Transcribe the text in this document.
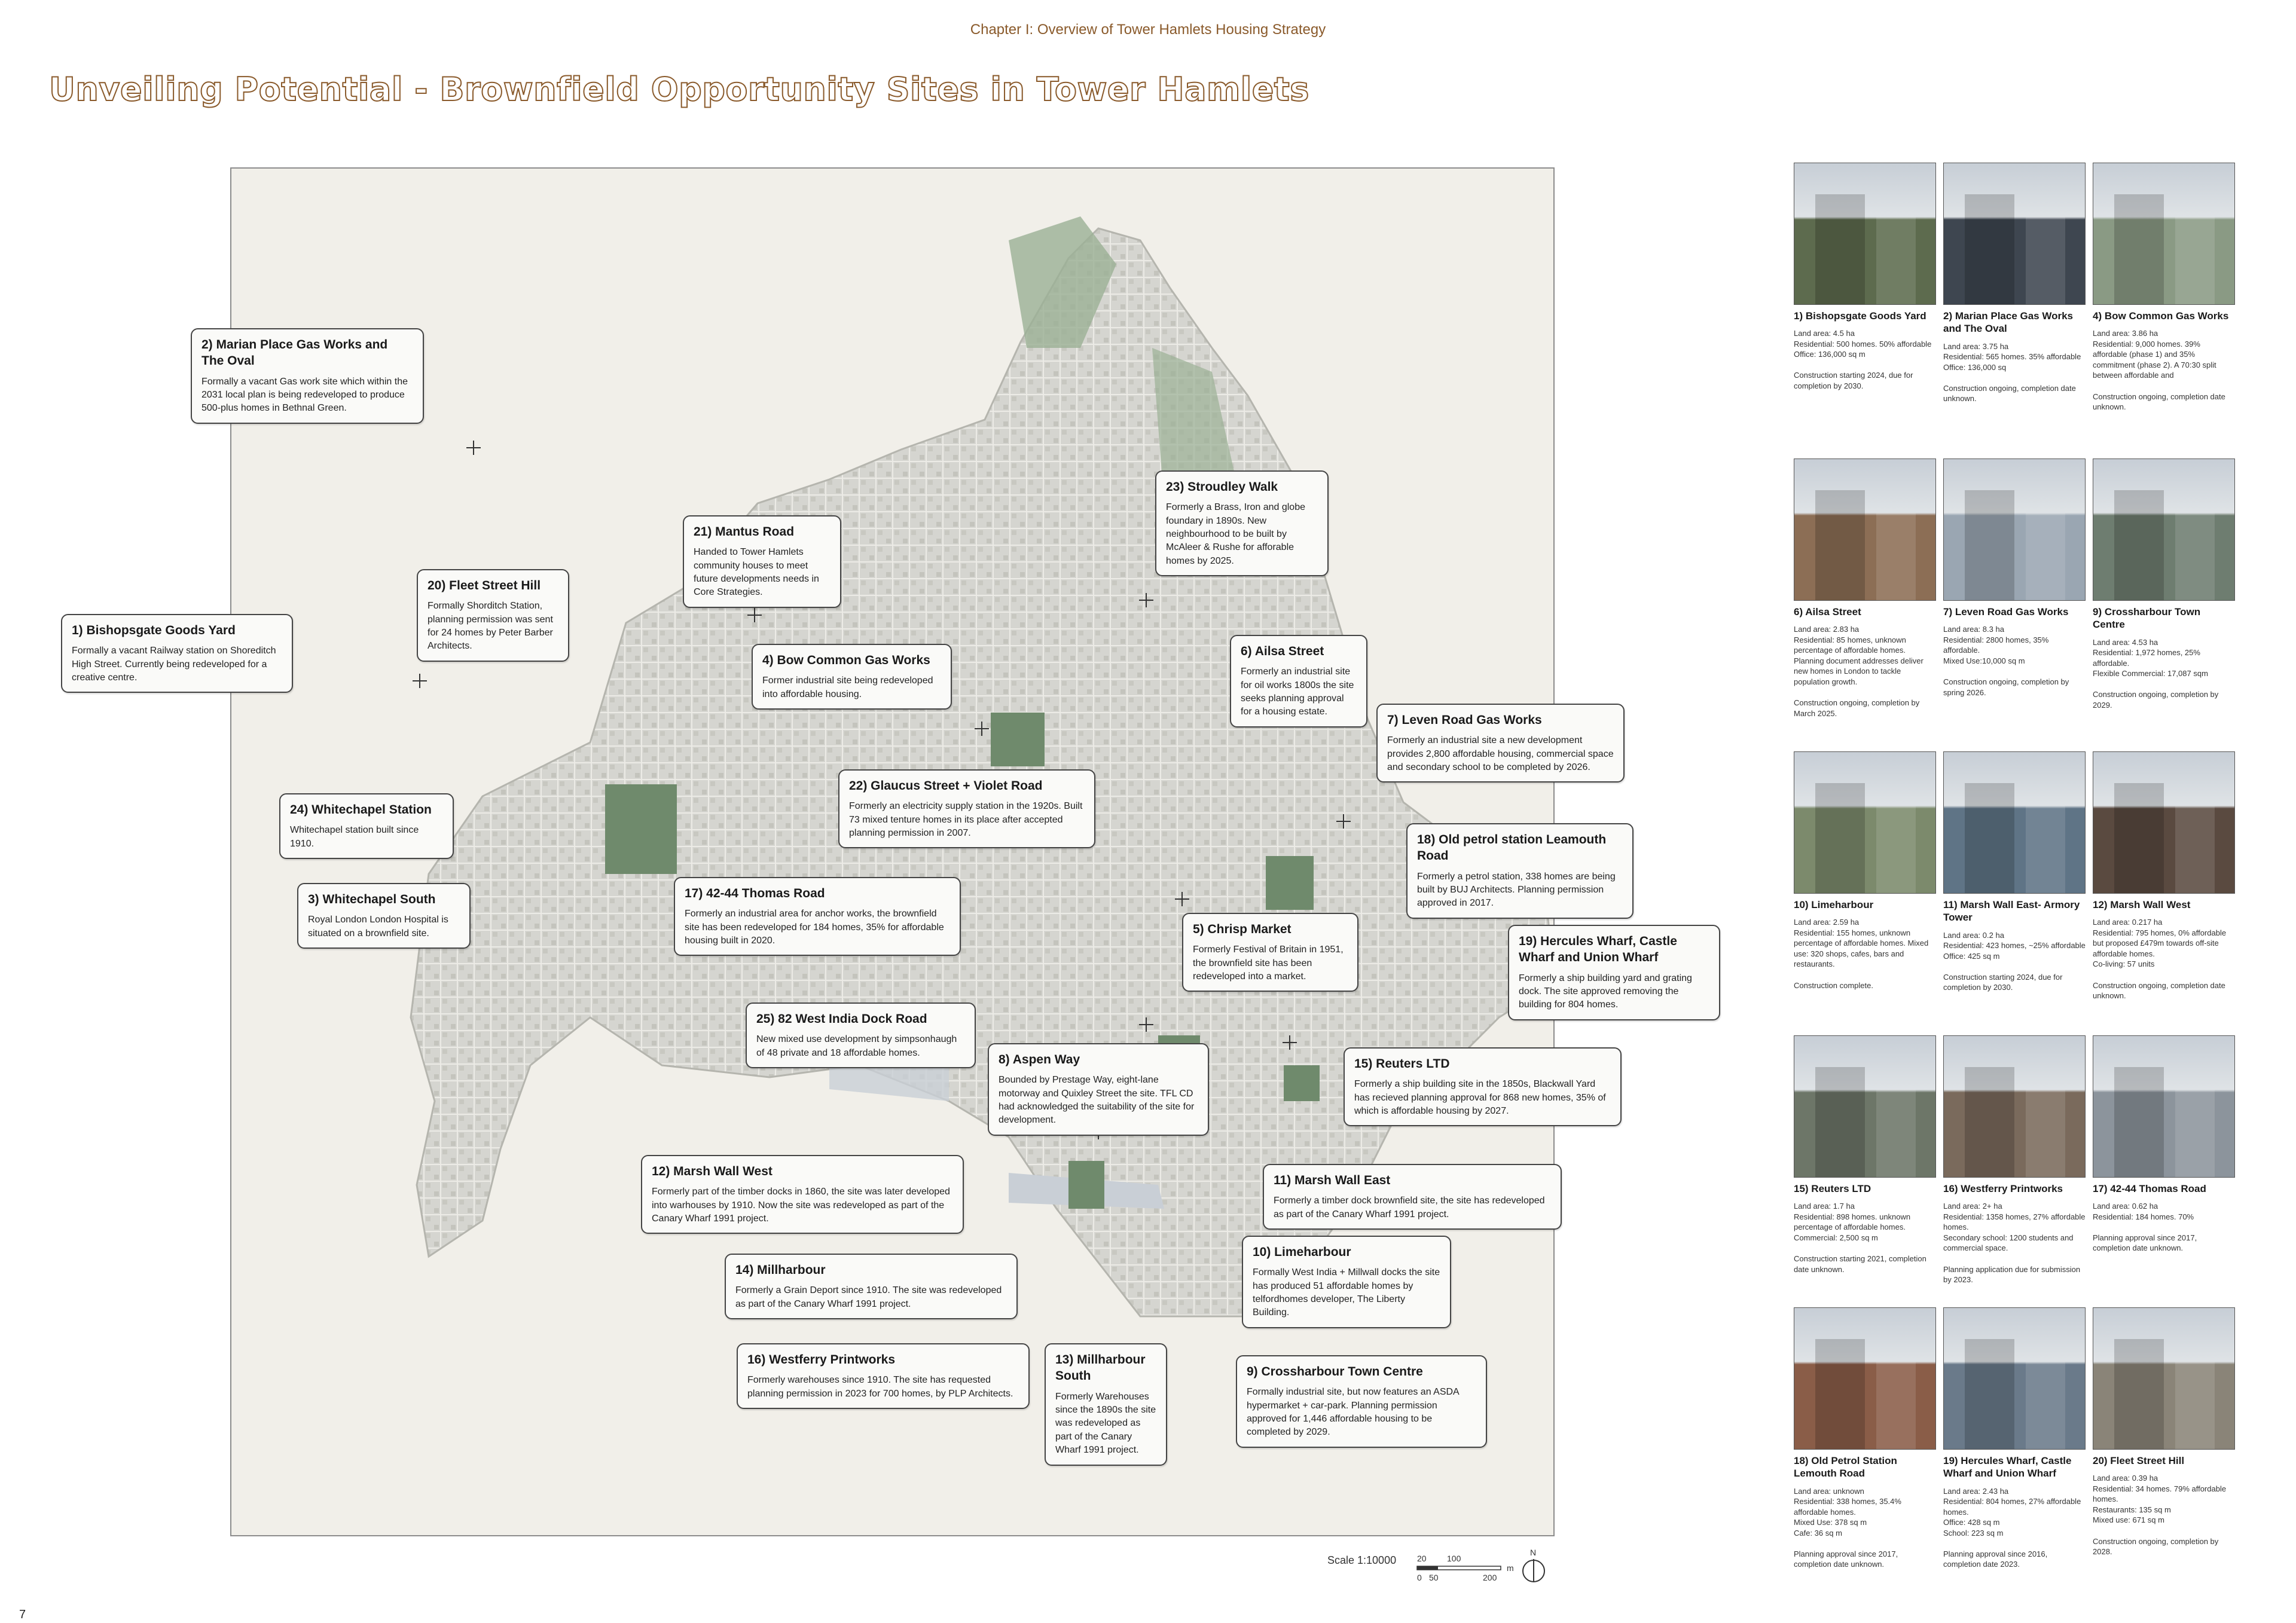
Chapter I: Overview of Tower Hamlets Housing Strategy
Unveiling Potential - Brownfield Opportunity Sites in Tower Hamlets
2) Marian Place Gas Works and The Oval

Formally a vacant Gas work site which within the 2031 local plan is being redeveloped to produce 500-plus homes in Bethnal Green.

1) Bishopsgate Goods Yard

Formally a vacant Railway station on Shoreditch High Street. Currently being redeveloped for a creative centre.

20) Fleet Street Hill

Formally Shorditch Station, planning permission was sent for 24 homes by Peter Barber Architects.

21) Mantus Road

Handed to Tower Hamlets community houses to meet future developments needs in Core Strategies.

23) Stroudley Walk

Formerly a Brass, Iron and globe foundary in 1890s. New neighbourhood to be built by McAleer & Rushe for afforable homes by 2025.

4) Bow Common Gas Works

Former industrial site being redeveloped into affordable housing.

6) Ailsa Street

Formerly an industrial site for oil works 1800s the site seeks planning approval for a housing estate.

7) Leven Road Gas Works

Formerly an industrial site a new development provides 2,800 affordable housing, commercial space and secondary school to be completed by 2026.

22) Glaucus Street + Violet Road

Formerly an electricity supply station in the 1920s. Built 73 mixed tenture homes in its place after accepted planning permission in 2007.

24) Whitechapel Station

Whitechapel station built since 1910.	18) Old petrol station Leamouth Road

Formerly a petrol station, 338 homes are being built by BUJ Architects. Planning permission approved in 2017.

3) Whitechapel South

Royal London London Hospital is situated on a brownfield site.

17) 42-44 Thomas Road

Formerly an industrial area for anchor works, the brownfield site has been redeveloped for 184 homes, 35% for affordable housing built in 2020.

5) Chrisp Market

Formerly Festival of Britain in 1951, the brownfield site has been redeveloped into a market.

19) Hercules Wharf, Castle Wharf and Union Wharf

Formerly a ship building yard and grating dock. The site approved removing the building for 804 homes.

25) 82 West India Dock Road

New mixed use development by simpsonhaugh of 48 private and 18 affordable homes.	8) Aspen Way

Bounded by Prestage Way, eight-lane motorway and Quixley Street the site. TFL CD had acknowledged the suitability of the site for development.

15) Reuters LTD

Formerly a ship building site in the 1850s, Blackwall Yard has recieved planning approval for 868 new homes, 35% of which is affordable housing by 2027.

12) Marsh Wall West

Formerly part of the timber docks in 1860, the site was later developed into warhouses by 1910. Now the site was redeveloped as part of the Canary Wharf 1991 project.

11) Marsh Wall East

Formerly a timber dock brownfield site, the site has redeveloped as part of the Canary Wharf 1991 project.

14) Millharbour

Formerly a Grain Deport since 1910. The site was redeveloped as part of the Canary Wharf 1991 project.

10) Limeharbour

Formally West India + Millwall docks the site has produced 51 affordable homes by telfordhomes developer, The Liberty Building.

16) Westferry Printworks

Formerly warehouses since 1910. The site has requested planning permission in 2023 for 700 homes, by PLP Architects.

13) Millharbour South

Formerly Warehouses since the 1890s the site was redeveloped as part of the Canary Wharf 1991 project.

9) Crossharbour Town Centre

Formally industrial site, but now features an ASDA hypermarket + car-park. Planning permission approved for 1,446 affordable housing to be completed by 2029.

Scale 1:10000 20 100
0 50	200
m
N
1) Bishopsgate Goods Yard
Land area: 4.5 ha
Residential: 500 homes. 50% affordable
Office: 136,000 sq m

Construction starting 2024, due for completion by 2030.
2) Marian Place Gas Works and The Oval
Land area: 3.75 ha
Residential: 565 homes. 35% affordable
Office: 136,000 sq

Construction ongoing, completion date unknown.
4) Bow Common Gas Works
Land area: 3.86 ha
Residential: 9,000 homes. 39% affordable (phase 1) and 35% commitment (phase 2). A 70:30 split between affordable and

Construction ongoing, completion date unknown.
6) Ailsa Street
Land area: 2.83 ha
Residential: 85 homes, unknown percentage of affordable homes. Planning document addresses deliver new homes in London to tackle population growth.

Construction ongoing, completion by March 2025.
7) Leven Road Gas Works
Land area: 8.3 ha
Residential: 2800 homes, 35% affordable.
Mixed Use:10,000 sq m

Construction ongoing, completion by spring 2026.
9) Crossharbour Town Centre
Land area: 4.53 ha
Residential: 1,972 homes, 25% affordable.
Flexible Commercial: 17,087 sqm

Construction ongoing, completion by 2029.
10) Limeharbour
Land area: 2.59 ha
Residential: 155 homes, unknown percentage of affordable homes. Mixed use: 320 shops, cafes, bars and restaurants.

Construction complete.
11) Marsh Wall East- Armory Tower
Land area: 0.2 ha
Residential: 423 homes, ~25% affordable
Office: 425 sq m

Construction starting 2024, due for completion by 2030.
12) Marsh Wall West
Land area: 0.217 ha
Residential: 795 homes, 0% affordable but proposed £479m towards off-site affordable homes.
Co-living: 57 units

Construction ongoing, completion date unknown.
15) Reuters LTD
Land area: 1.7 ha
Residential: 898 homes. unknown percentage of affordable homes.
Commercial: 2,500 sq m

Construction starting 2021, completion date unknown.
16) Westferry Printworks
Land area: 2+ ha
Residential: 1358 homes, 27% affordable homes.
Secondary school: 1200 students and commercial space.

Planning application due for submission by 2023.
17) 42-44 Thomas Road
Land area: 0.62 ha
Residential: 184 homes. 70%

Planning approval since 2017, completion date unknown.
18) Old Petrol Station Lemouth Road
Land area: unknown
Residential: 338 homes, 35.4% affordable homes.
Mixed Use: 378 sq m
Cafe: 36 sq m

Planning approval since 2017, completion date unknown.
19) Hercules Wharf, Castle Wharf and Union Wharf
Land area: 2.43 ha
Residential: 804 homes, 27% affordable homes.
Office: 428 sq m
School: 223 sq m

Planning approval since 2016, completion date 2023.
20) Fleet Street Hill
Land area: 0.39 ha
Residential: 34 homes. 79% affordable homes.
Restaurants: 135 sq m
Mixed use: 671 sq m

Construction ongoing, completion by 2028.
7
